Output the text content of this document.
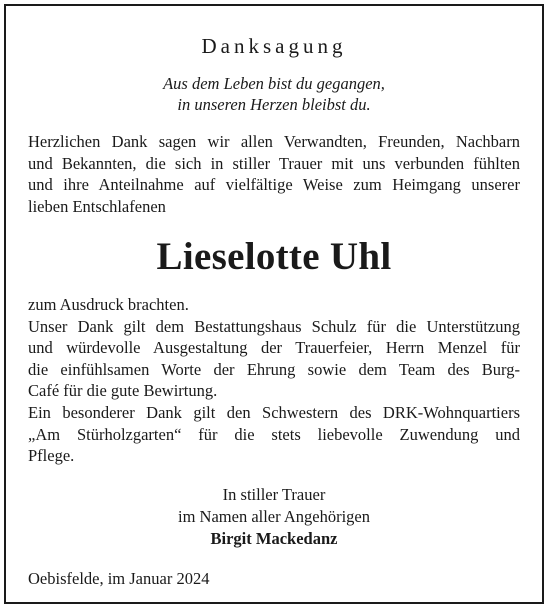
Danksagung
Aus dem Leben bist du gegangen,
in unseren Herzen bleibst du.
Herzlichen Dank sagen wir allen Verwandten, Freunden, Nachbarn
und Bekannten, die sich in stiller Trauer mit uns verbunden fühlten
und ihre Anteilnahme auf vielfältige Weise zum Heimgang unserer
lieben Entschlafenen
Lieselotte Uhl
zum Ausdruck brachten.
Unser Dank gilt dem Bestattungshaus Schulz für die Unterstützung
und würdevolle Ausgestaltung der Trauerfeier, Herrn Menzel für
die einfühlsamen Worte der Ehrung sowie dem Team des Burg-
Café für die gute Bewirtung.
Ein besonderer Dank gilt den Schwestern des DRK-Wohnquartiers
„Am Stürholzgarten“ für die stets liebevolle Zuwendung und
Pflege.
In stiller Trauer
im Namen aller Angehörigen
Birgit Mackedanz
Oebisfelde, im Januar 2024
